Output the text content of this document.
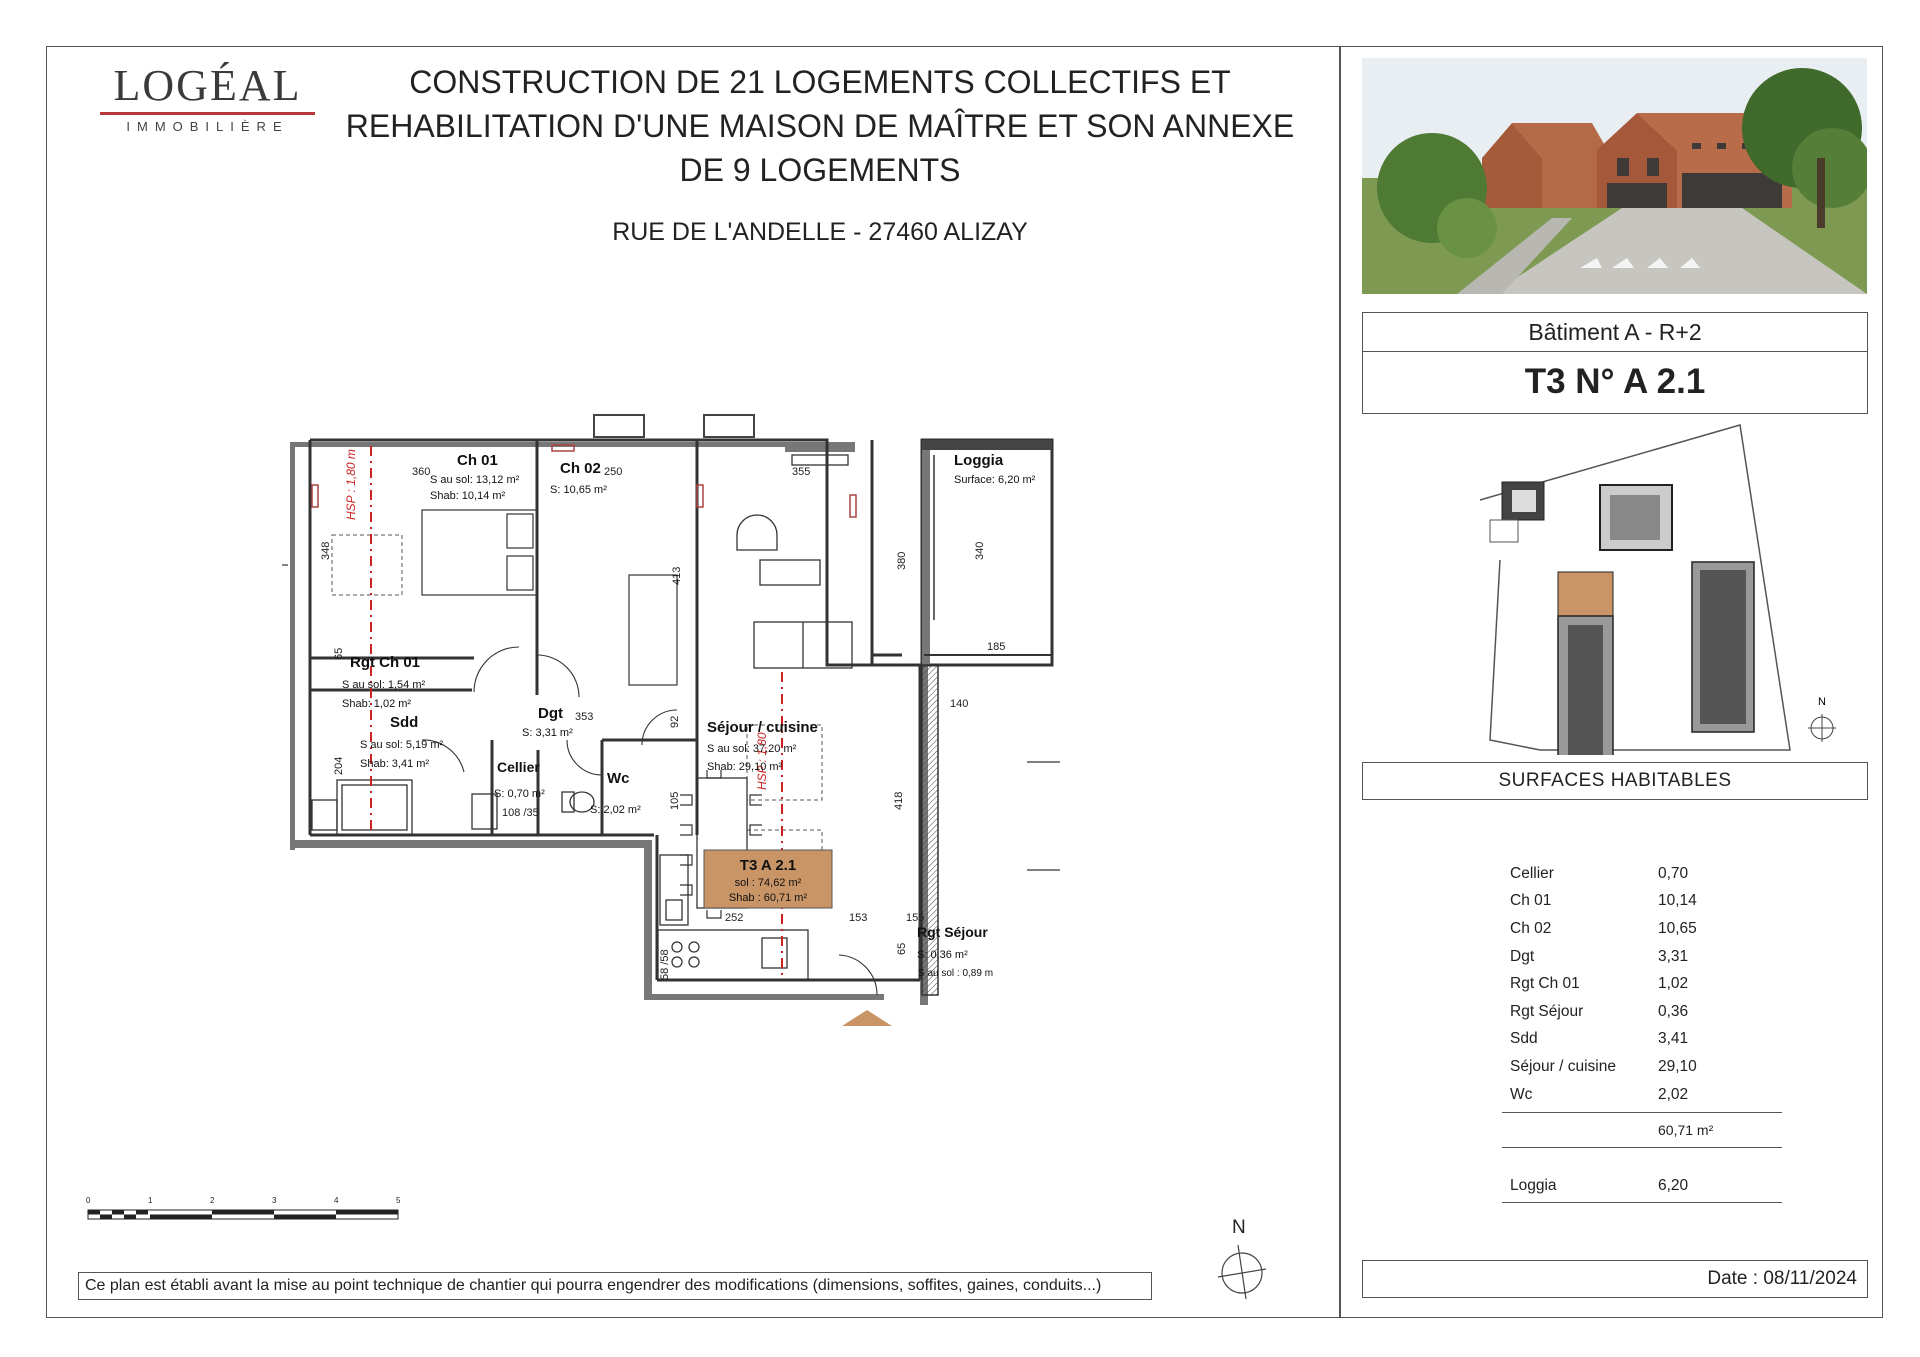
LOGÉAL
IMMOBILIÈRE
CONSTRUCTION DE 21 LOGEMENTS COLLECTIFS ET
REHABILITATION D'UNE MAISON DE MAÎTRE ET SON ANNEXE
DE 9 LOGEMENTS
RUE DE L'ANDELLE - 27460 ALIZAY
HSP : 1,80 m
HSP : 1,80
Ch 01
S au sol: 13,12 m²
Shab: 10,14 m²
Ch 02
S: 10,65 m²
Loggia
Surface: 6,20 m²
Rgt Ch 01
S au sol: 1,54 m²
Shab: 1,02 m²
Sdd
S au sol: 5,19 m²
Shab: 3,41 m²
Dgt
S: 3,31 m²
Cellier
S: 0,70 m²
Wc
S: 2,02 m²
Séjour / cuisine
S au sol: 37,20 m²
Shab: 29,10 m²
Rgt Séjour
S: 0,36 m²
S au sol : 0,89 m
T3 A 2.1
sol : 74,62 m²
Shab : 60,71 m²
360	250	355
348
413
380
340
185
353
140
92
204
105	418
252	153	155
108 /35
65
58 /58
65
Bâtiment A - R+2
T3 N° A 2.1
N
SURFACES HABITABLES
Cellier	0,70
Ch 01	10,14
Ch 02	10,65
Dgt	3,31
Rgt Ch 01	1,02
Rgt Séjour	0,36
Sdd	3,41
Séjour / cuisine	29,10
Wc	2,02
60,71 m²
Loggia	6,20
Date : 08/11/2024
0	1	2	3	4	5
N
Ce plan est établi avant la mise au point technique de chantier qui pourra engendrer des modifications (dimensions, soffites, gaines, conduits...)
